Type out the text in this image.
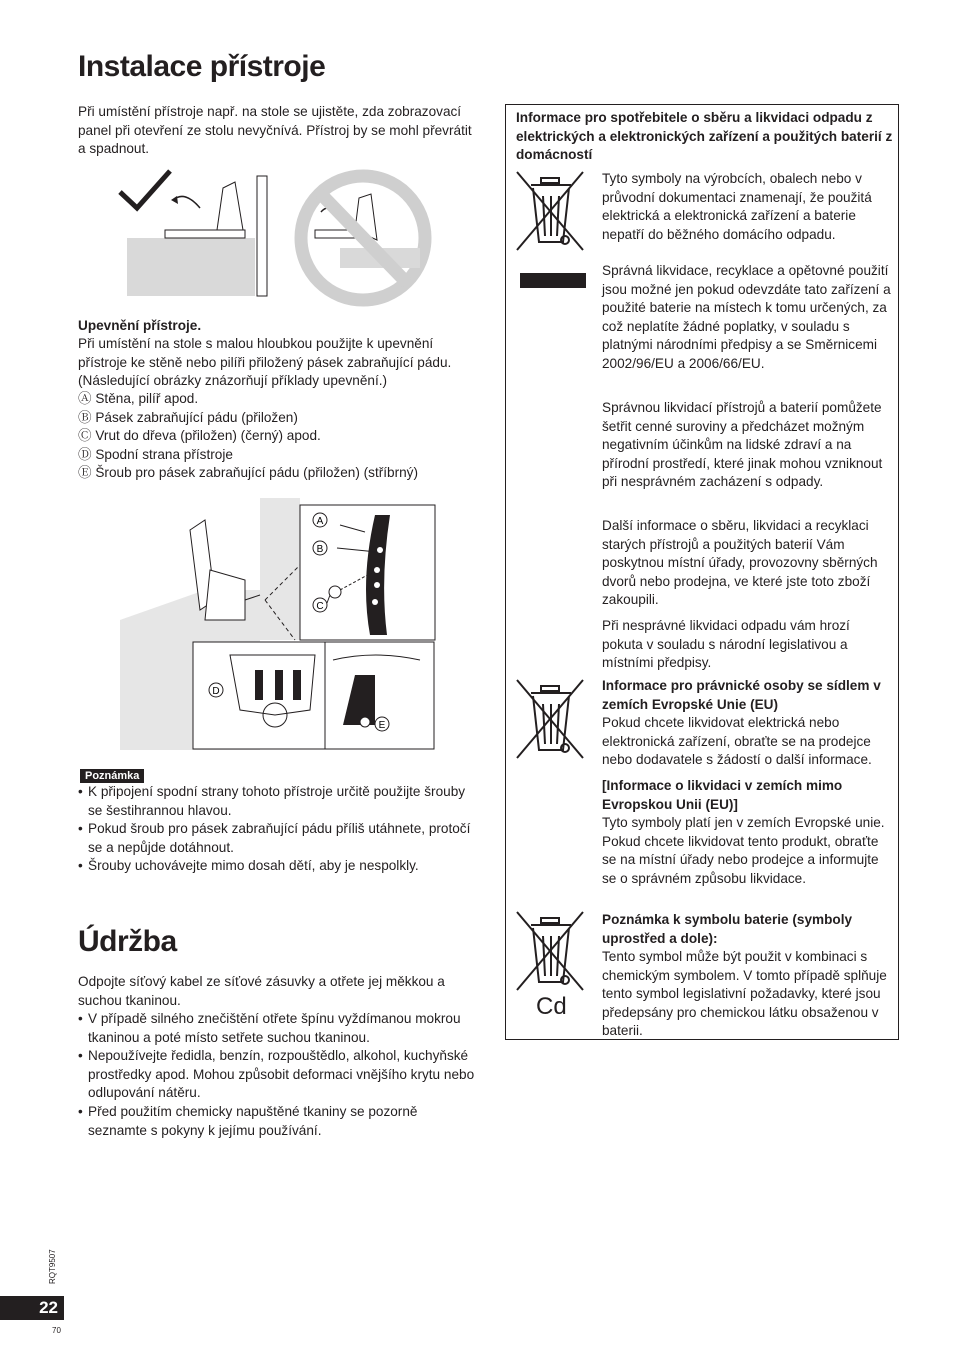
Instalace přístroje
Při umístění přístroje např. na stole se ujistěte, zda zobrazovací panel při otevření ze stolu nevyčnívá. Přístroj by se mohl převrátit a spadnout.
Upevnění přístroje.
Při umístění na stole s malou hloubkou použijte k upevnění přístroje ke stěně nebo pilíři přiložený pásek zabraňující pádu. (Následující obrázky znázorňují příklady upevnění.)
Ⓐ Stěna, pilíř apod.
Ⓑ Pásek zabraňující pádu (přiložen)
Ⓒ Vrut do dřeva (přiložen) (černý) apod.
Ⓓ Spodní strana přístroje
Ⓔ Šroub pro pásek zabraňující pádu (přiložen) (stříbrný)
A
B
C
D
E
Poznámka
• K připojení spodní strany tohoto přístroje určitě použijte šrouby se šestihrannou hlavou.
• Pokud šroub pro pásek zabraňující pádu příliš utáhnete, protočí se a nepůjde dotáhnout.
• Šrouby uchovávejte mimo dosah dětí, aby je nespolkly.
Údržba
Odpojte síťový kabel ze síťové zásuvky a otřete jej měkkou a suchou tkaninou.
• V případě silného znečištění otřete špínu vyždímanou mokrou tkaninou a poté místo setřete suchou tkaninou.
• Nepoužívejte ředidla, benzín, rozpouštědlo, alkohol, kuchyňské prostředky apod. Mohou způsobit deformaci vnějšího krytu nebo odlupování nátěru.
• Před použitím chemicky napuštěné tkaniny se pozorně seznamte s pokyny k jejímu používání.
Informace pro spotřebitele o sběru a likvidaci odpadu z elektrických a elektronických zařízení a použitých baterií z domácností
Cd
Tyto symboly na výrobcích, obalech nebo v průvodní dokumentaci znamenají, že použitá elektrická a elektronická zařízení a baterie nepatří do běžného domácího odpadu.
Správná likvidace, recyklace a opětovné použití jsou možné jen pokud odevzdáte tato zařízení a použité baterie na místech k tomu určených, za což neplatíte žádné poplatky, v souladu s platnými národními předpisy a se Směrnicemi 2002/96/EU a 2006/66/EU.
Správnou likvidací přístrojů a baterií pomůžete šetřit cenné suroviny a předcházet možným negativním účinkům na lidské zdraví a na přírodní prostředí, které jinak mohou vzniknout při nesprávném zacházení s odpady.
Další informace o sběru, likvidaci a recyklaci starých přístrojů a použitých baterií Vám poskytnou místní úřady, provozovny sběrných dvorů nebo prodejna, ve které jste toto zboží zakoupili.
Při nesprávné likvidaci odpadu vám hrozí pokuta v souladu s národní legislativou a místními předpisy.
Informace pro právnické osoby se sídlem v zemích Evropské Unie (EU)
Pokud chcete likvidovat elektrická nebo elektronická zařízení, obraťte se na prodejce nebo dodavatele s žádostí o další informace.
[Informace o likvidaci v zemích mimo Evropskou Unii (EU)]
Tyto symboly platí jen v zemích Evropské unie. Pokud chcete likvidovat tento produkt, obraťte se na místní úřady nebo prodejce a informujte se o správném způsobu likvidace.
Poznámka k symbolu baterie (symboly uprostřed a dole):
Tento symbol může být použit v kombinaci s chemickým symbolem. V tomto případě splňuje tento symbol legislativní požadavky, které jsou předepsány pro chemickou látku obsaženou v baterii.
RQT9507
22
70
